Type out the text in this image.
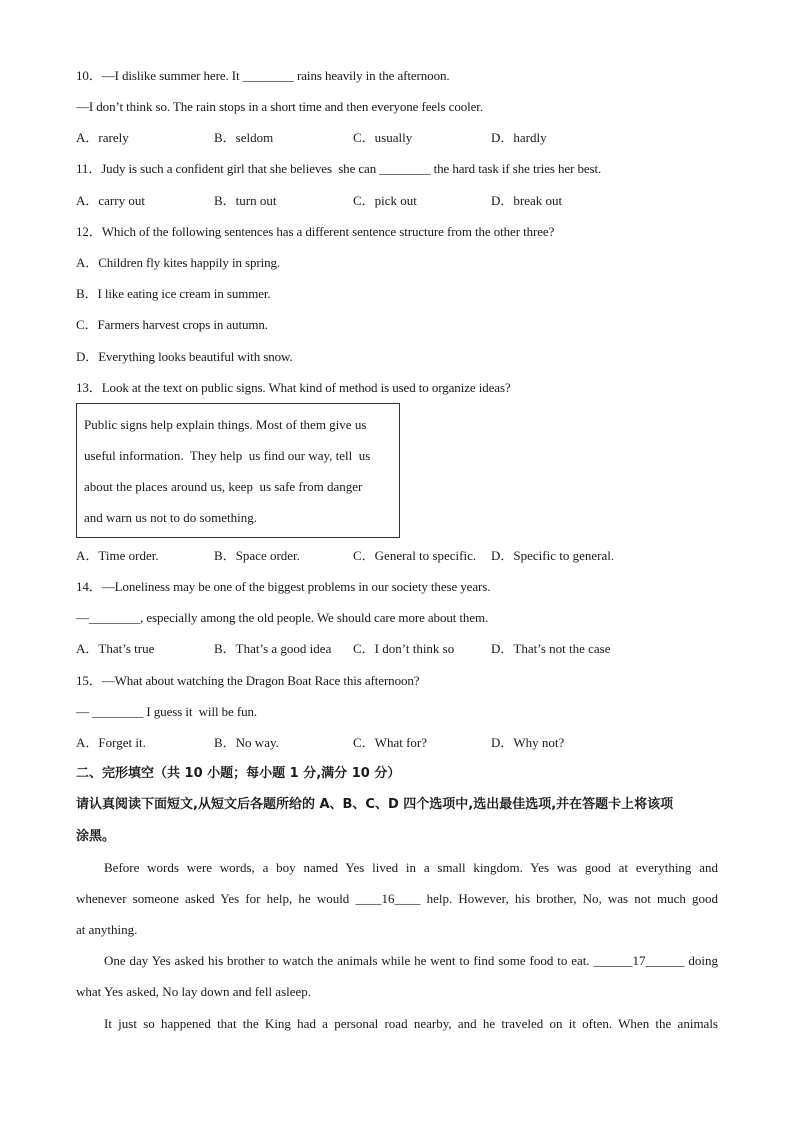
10．—I dislike summer here. It ________ rains heavily in the afternoon.
—I don’t think so. The rain stops in a short time and then everyone feels cooler.
A．rarely	B．seldom	C．usually	D．hardly
11．Judy is such a confident girl that she believes  she can ________ the hard task if she tries her best.
A．carry out	B．turn out	C．pick out	D．break out
12．Which of the following sentences has a different sentence structure from the other three?
A．Children fly kites happily in spring.
B．I like eating ice cream in summer.
C．Farmers harvest crops in autumn.
D．Everything looks beautiful with snow.
13．Look at the text on public signs. What kind of method is used to organize ideas?
Public signs help explain things. Most of them give us
useful information.  They help  us find our way, tell  us
about the places around us, keep  us safe from danger
and warn us not to do something.
A．Time order.	B．Space order.	C．General to specific. D．Specific to general.
14．—Loneliness may be one of the biggest problems in our society these years.
—________, especially among the old people. We should care more about them.
A．That’s true	B．That’s a good idea C．I don’t think so	D．That’s not the case
15．—What about watching the Dragon Boat Race this afternoon?
— ________ I guess it  will be fun.
A．Forget it.	B．No way.	C．What for?	D．Why not?
二、完形填空（共 10 小题；每小题 1 分,满分 10 分）
请认真阅读下面短文,从短文后各题所给的 A、B、C、D 四个选项中,选出最佳选项,并在答题卡上将该项
涂黑。
Before words were words, a boy named Yes lived in a small kingdom. Yes was good at everything and
whenever someone asked Yes for help, he would ____16____ help. However, his brother, No, was not much good
at anything.
One day Yes asked his brother to watch the animals while he went to find some food to eat. ______17______ doing
what Yes asked, No lay down and fell asleep.
It just so happened that the King had a personal road nearby, and he traveled on it often. When the animals
